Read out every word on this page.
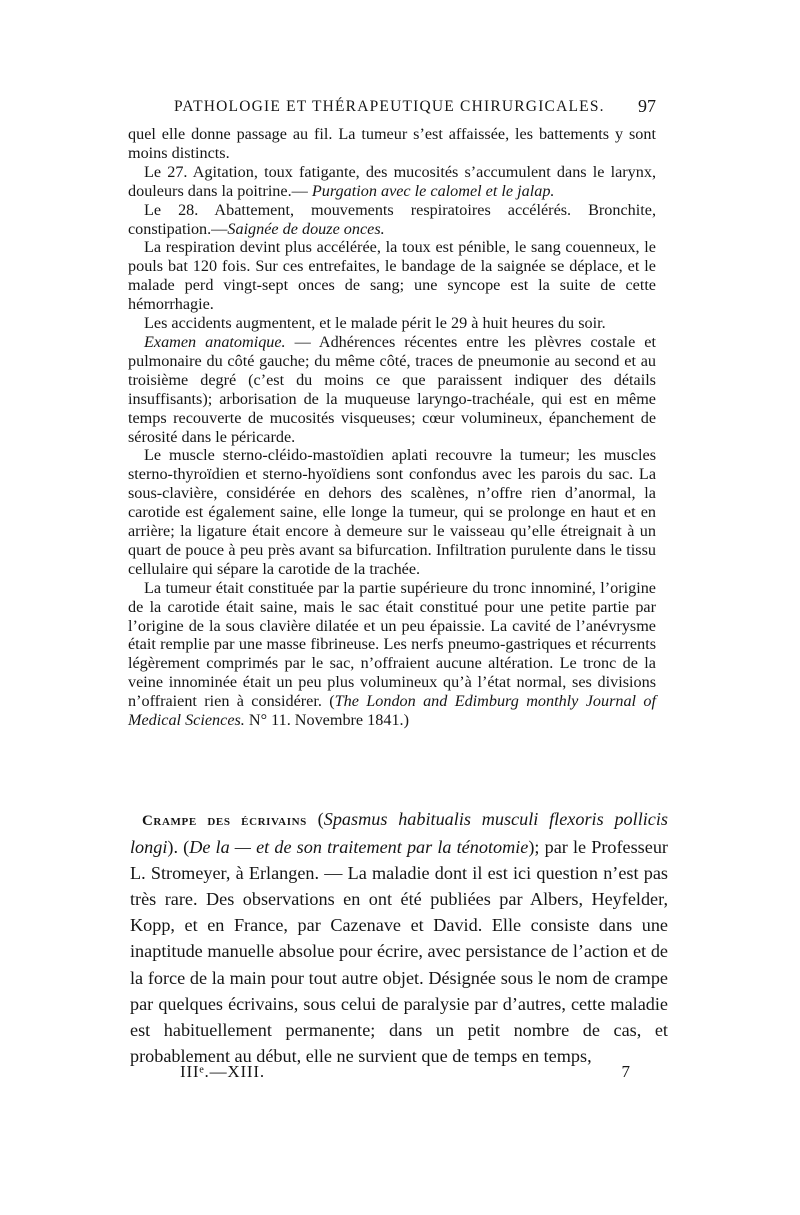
PATHOLOGIE ET THÉRAPEUTIQUE CHIRURGICALES. 97

quel elle donne passage au fil. La tumeur s’est affaissée, les battements y sont moins distincts.

Le 27. Agitation, toux fatigante, des mucosités s’accumulent dans le larynx, douleurs dans la poitrine.— Purgation avec le calomel et le jalap.

Le 28. Abattement, mouvements respiratoires accélérés. Bronchite, constipation.—Saignée de douze onces.

La respiration devint plus accélérée, la toux est pénible, le sang couenneux, le pouls bat 120 fois. Sur ces entrefaites, le bandage de la saignée se déplace, et le malade perd vingt-sept onces de sang; une syncope est la suite de cette hémorrhagie.

Les accidents augmentent, et le malade périt le 29 à huit heures du soir.

Examen anatomique. — Adhérences récentes entre les plèvres costale et pulmonaire du côté gauche; du même côté, traces de pneumonie au second et au troisième degré (c’est du moins ce que paraissent indiquer des détails insuffisants); arborisation de la muqueuse laryngo-trachéale, qui est en même temps recouverte de mucosités visqueuses; cœur volumineux, épanchement de sérosité dans le péricarde.

Le muscle sterno-cléido-mastoïdien aplati recouvre la tumeur; les muscles sterno-thyroïdien et sterno-hyoïdiens sont confondus avec les parois du sac. La sous-clavière, considérée en dehors des scalènes, n’offre rien d’anormal, la carotide est également saine, elle longe la tumeur, qui se prolonge en haut et en arrière; la ligature était encore à demeure sur le vaisseau qu’elle étreignait à un quart de pouce à peu près avant sa bifurcation. Infiltration purulente dans le tissu cellulaire qui sépare la carotide de la trachée.

La tumeur était constituée par la partie supérieure du tronc innominé, l’origine de la carotide était saine, mais le sac était constitué pour une petite partie par l’origine de la sous clavière dilatée et un peu épaissie. La cavité de l’anévrysme était remplie par une masse fibrineuse. Les nerfs pneumo-gastriques et récurrents légèrement comprimés par le sac, n’offraient aucune altération. Le tronc de la veine innominée était un peu plus volumineux qu’à l’état normal, ses divisions n’offraient rien à considérer. (The London and Edimburg monthly Journal of Medical Sciences. N° 11. Novembre 1841.)

Crampe des écrivains (Spasmus habitualis musculi flexoris pollicis longi). (De la — et de son traitement par la ténotomie); par le Professeur L. Stromeyer, à Erlangen. — La maladie dont il est ici question n’est pas très rare. Des observations en ont été publiées par Albers, Heyfelder, Kopp, et en France, par Cazenave et David. Elle consiste dans une inaptitude manuelle absolue pour écrire, avec persistance de l’action et de la force de la main pour tout autre objet. Désignée sous le nom de crampe par quelques écrivains, sous celui de paralysie par d’autres, cette maladie est habituellement permanente; dans un petit nombre de cas, et probablement au début, elle ne survient que de temps en temps,

IIIᵉ.—XIII.	7
